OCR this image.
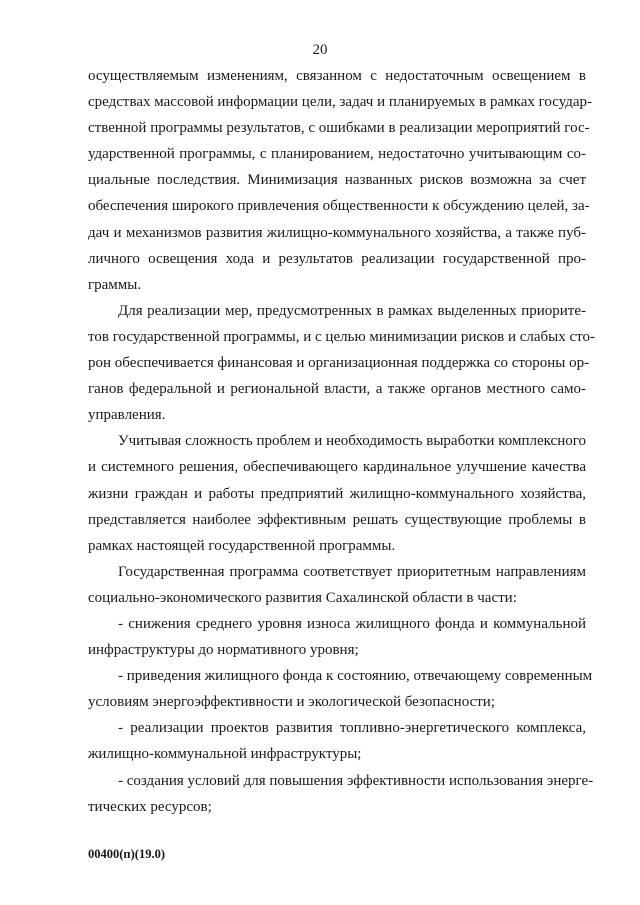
20
осуществляемым изменениям, связанном с недостаточным освещением в
средствах массовой информации цели, задач и планируемых в рамках государ-
ственной программы результатов, с ошибками в реализации мероприятий гос-
ударственной программы, с планированием, недостаточно учитывающим со-
циальные последствия. Минимизация названных рисков возможна за счет
обеспечения широкого привлечения общественности к обсуждению целей, за-
дач и механизмов развития жилищно-коммунального хозяйства, а также пуб-
личного освещения хода и результатов реализации государственной про-
граммы.
Для реализации мер, предусмотренных в рамках выделенных приорите-
тов государственной программы, и с целью минимизации рисков и слабых сто-
рон обеспечивается финансовая и организационная поддержка со стороны ор-
ганов федеральной и региональной власти, а также органов местного само-
управления.
Учитывая сложность проблем и необходимость выработки комплексного
и системного решения, обеспечивающего кардинальное улучшение качества
жизни граждан и работы предприятий жилищно-коммунального хозяйства,
представляется наиболее эффективным решать существующие проблемы в
рамках настоящей государственной программы.
Государственная программа соответствует приоритетным направлениям
социально-экономического развития Сахалинской области в части:
- снижения среднего уровня износа жилищного фонда и коммунальной
инфраструктуры до нормативного уровня;
- приведения жилищного фонда к состоянию, отвечающему современным
условиям энергоэффективности и экологической безопасности;
- реализации проектов развития топливно-энергетического комплекса,
жилищно-коммунальной инфраструктуры;
- создания условий для повышения эффективности использования энерге-
тических ресурсов;
00400(п)(19.0)
